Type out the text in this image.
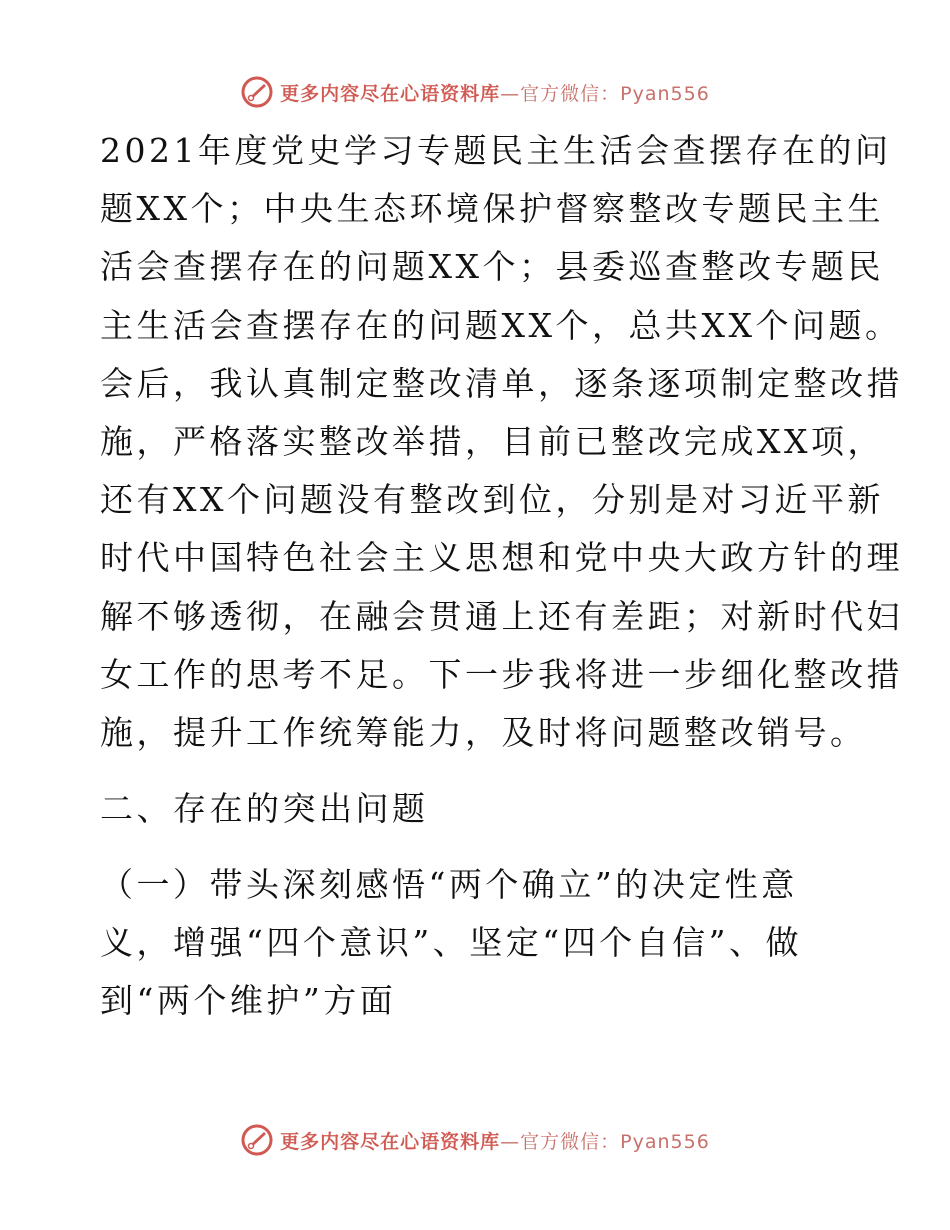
更多内容尽在心语资料库—官方微信：Pyan556
2021年度党史学习专题民主生活会查摆存在的问
题XX个；中央生态环境保护督察整改专题民主生
活会查摆存在的问题XX个；县委巡查整改专题民
主生活会查摆存在的问题XX个，总共XX个问题。
会后，我认真制定整改清单，逐条逐项制定整改措
施，严格落实整改举措，目前已整改完成XX项，
还有XX个问题没有整改到位，分别是对习近平新
时代中国特色社会主义思想和党中央大政方针的理
解不够透彻，在融会贯通上还有差距；对新时代妇
女工作的思考不足。下一步我将进一步细化整改措
施，提升工作统筹能力，及时将问题整改销号。
二、存在的突出问题
（一）带头深刻感悟“两个确立”的决定性意
义，增强“四个意识”、坚定“四个自信”、做
到“两个维护”方面
更多内容尽在心语资料库—官方微信：Pyan556
